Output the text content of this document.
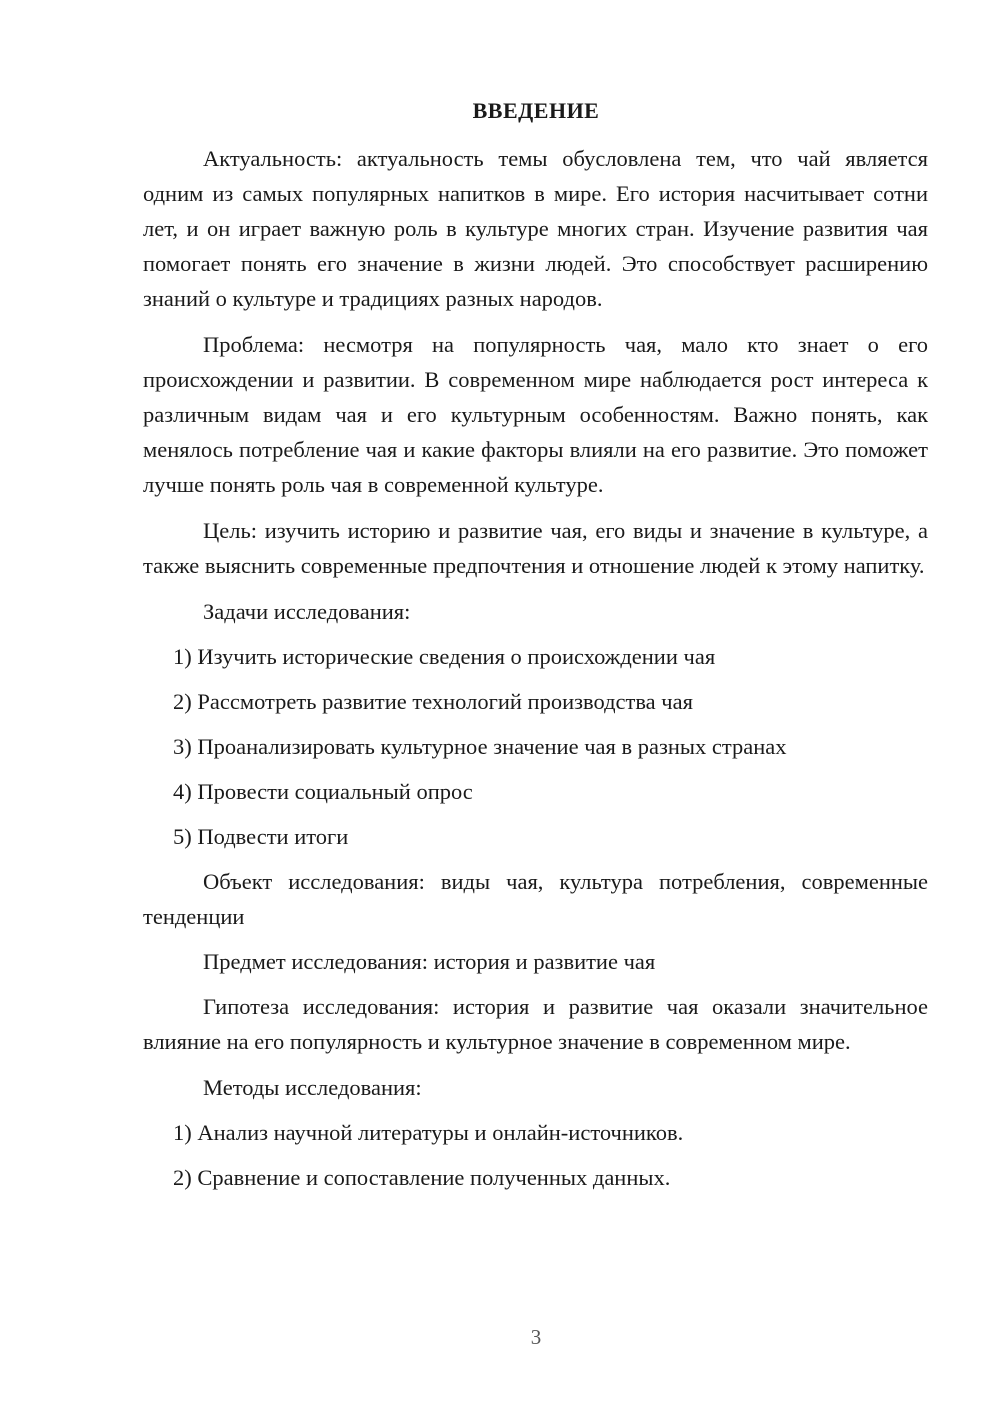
ВВЕДЕНИЕ

Актуальность: актуальность темы обусловлена тем, что чай является одним из самых популярных напитков в мире. Его история насчитывает сотни лет, и он играет важную роль в культуре многих стран. Изучение развития чая помогает понять его значение в жизни людей. Это способствует расширению знаний о культуре и традициях разных народов.

Проблема: несмотря на популярность чая, мало кто знает о его происхождении и развитии. В современном мире наблюдается рост интереса к различным видам чая и его культурным особенностям. Важно понять, как менялось потребление чая и какие факторы влияли на его развитие. Это поможет лучше понять роль чая в современной культуре.

Цель: изучить историю и развитие чая, его виды и значение в культуре, а также выяснить современные предпочтения и отношение людей к этому напитку.

Задачи исследования:

1) Изучить исторические сведения о происхождении чая

2) Рассмотреть развитие технологий производства чая

3) Проанализировать культурное значение чая в разных странах

4) Провести социальный опрос

5) Подвести итоги

Объект исследования: виды чая, культура потребления, современные тенденции

Предмет исследования: история и развитие чая

Гипотеза исследования: история и развитие чая оказали значительное влияние на его популярность и культурное значение в современном мире.

Методы исследования:

1) Анализ научной литературы и онлайн-источников.

2) Сравнение и сопоставление полученных данных.

3
